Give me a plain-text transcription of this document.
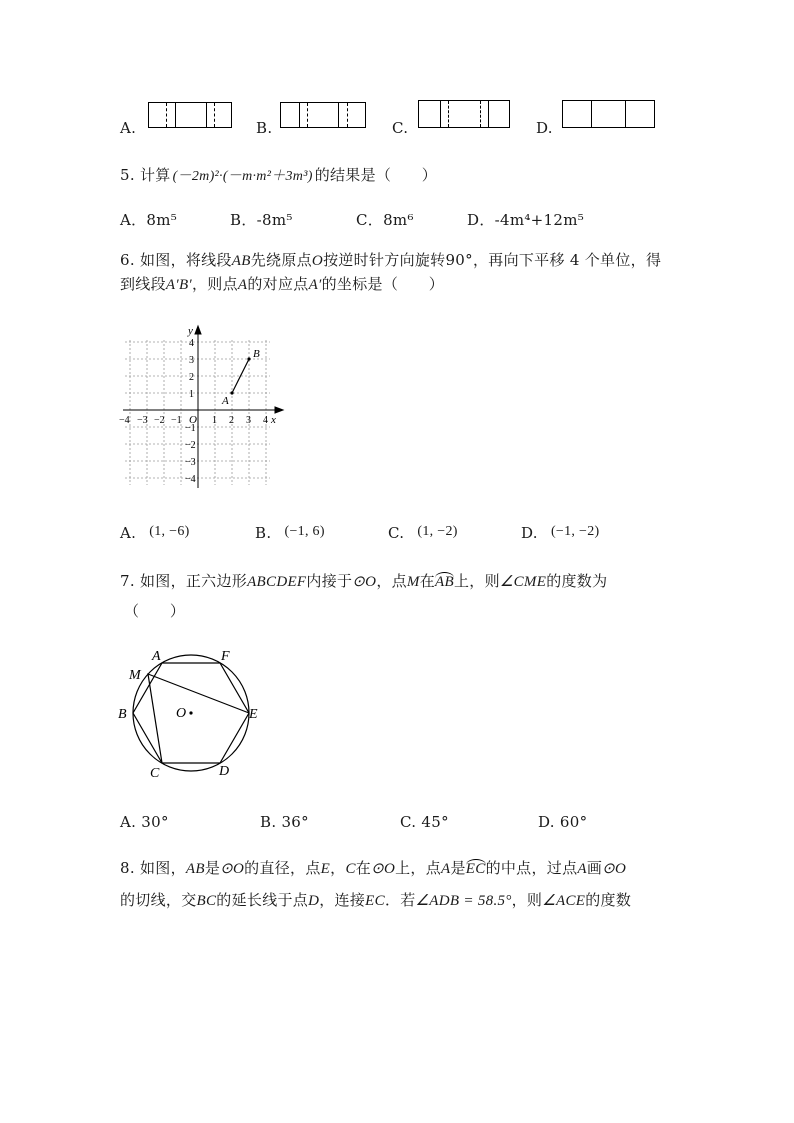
A.	B.	C.	D.
5. 计算 (－2m)²·(－m·m²＋3m³) 的结果是（　　）
A．8m⁵	B．-8m⁵	C．8m⁶	D．-4m⁴+12m⁵
6. 如图，将线段AB先绕原点O按逆时针方向旋转90°，再向下平移 4 个单位，得
到线段A′B′，则点A的对应点A′的坐标是（　　）
−4 −3 −2 −1	1 2 3 4
4
3
2
1
−1
−2
−3
−4
x
y
O
A
B
A. (1, −6)	B. (−1, 6)	C. (1, −2)	D. (−1, −2)
7. 如图，正六边形ABCDEF内接于⊙O，点M在AB上，则∠CME的度数为
（　　）
A	F
M
B	O	E
C	D
A. 30°	B. 36°	C. 45°	D. 60°
8. 如图，AB是⊙O的直径，点E，C在⊙O上，点A是EC的中点，过点A画⊙O
的切线，交BC的延长线于点D，连接EC．若∠ADB = 58.5°，则∠ACE的度数
